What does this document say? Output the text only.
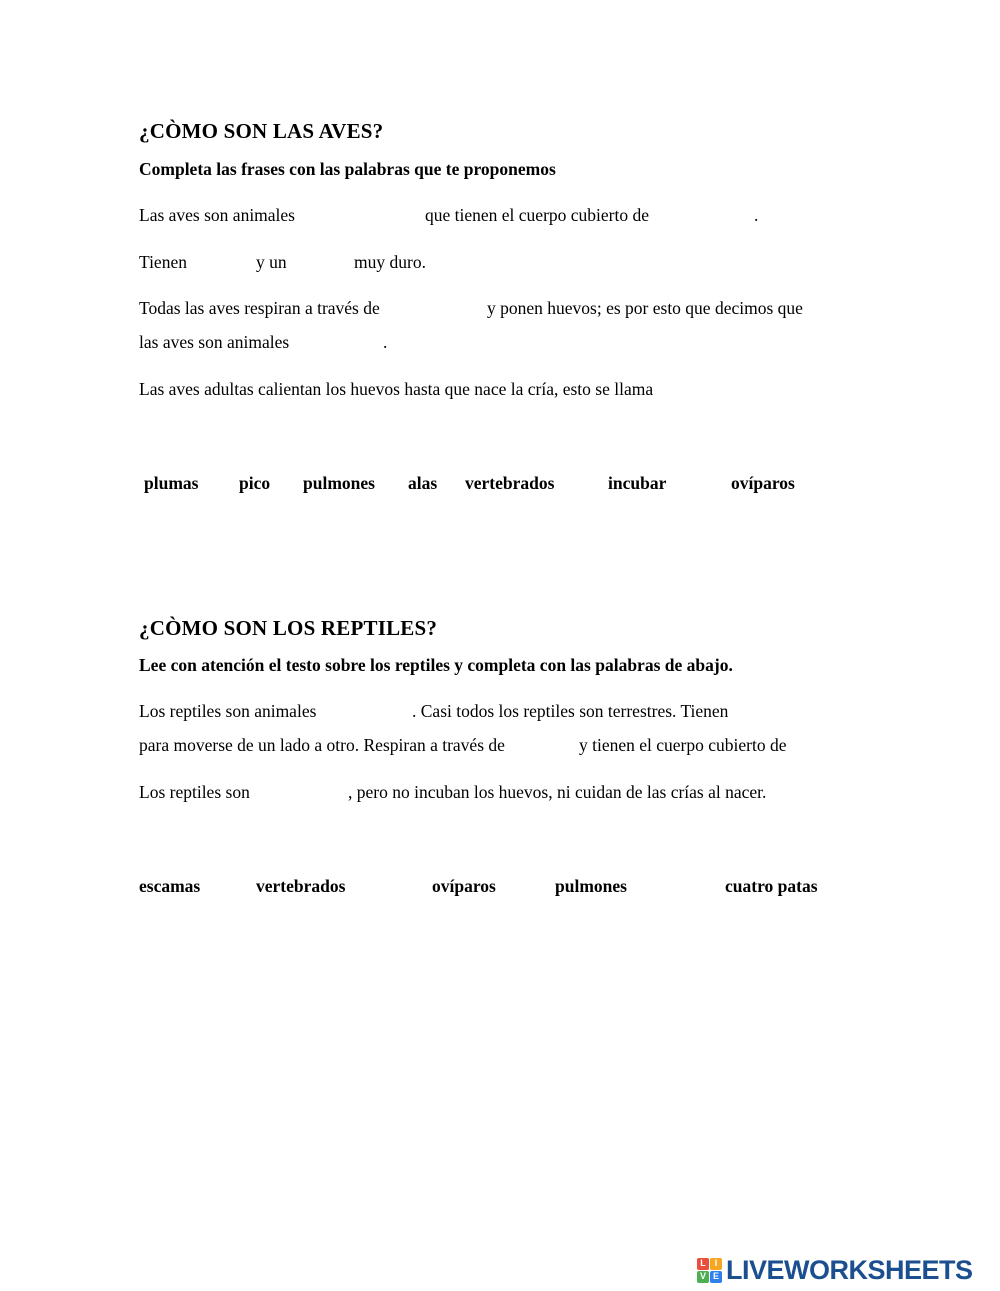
¿CÒMO SON LAS AVES?
Completa las frases con las palabras que te proponemos
Las aves son animales	que tienen el cuerpo cubierto de	.
Tienen	y un	muy duro.
Todas las aves respiran a través de	y ponen huevos; es por esto que decimos que
las aves son animales	.
Las aves adultas calientan los huevos hasta que nace la cría, esto se llama
plumas pico pulmones alas vertebrados	incubar	ovíparos
¿CÒMO SON LOS REPTILES?
Lee con atención el testo sobre los reptiles y completa con las palabras de abajo.
Los reptiles son animales	. Casi todos los reptiles son terrestres. Tienen
para moverse de un lado a otro. Respiran a través de	y tienen el cuerpo cubierto de
Los reptiles son	, pero no incuban los huevos, ni cuidan de las crías al nacer.
escamas	vertebrados	ovíparos	pulmones	cuatro patas
L I
V E LIVEWORKSHEETS
